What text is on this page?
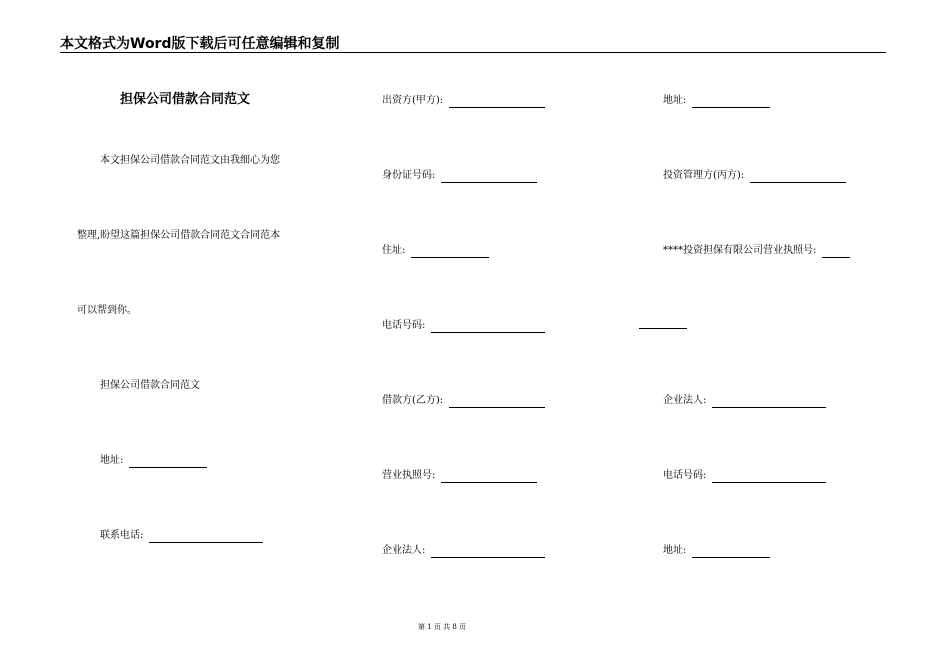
本文格式为Word版下载后可任意编辑和复制
担保公司借款合同范文
本文担保公司借款合同范文由我细心为您
整理,盼望这篇担保公司借款合同范文合同范本
可以帮到你。
担保公司借款合同范文
地址:
联系电话:
出资方(甲方):
身份证号码:
住址:
电话号码:
借款方(乙方):
营业执照号:
企业法人:
地址:
投资管理方(丙方):
****投资担保有限公司营业执照号:
企业法人:
电话号码:
地址:
第 1 页 共 8 页
